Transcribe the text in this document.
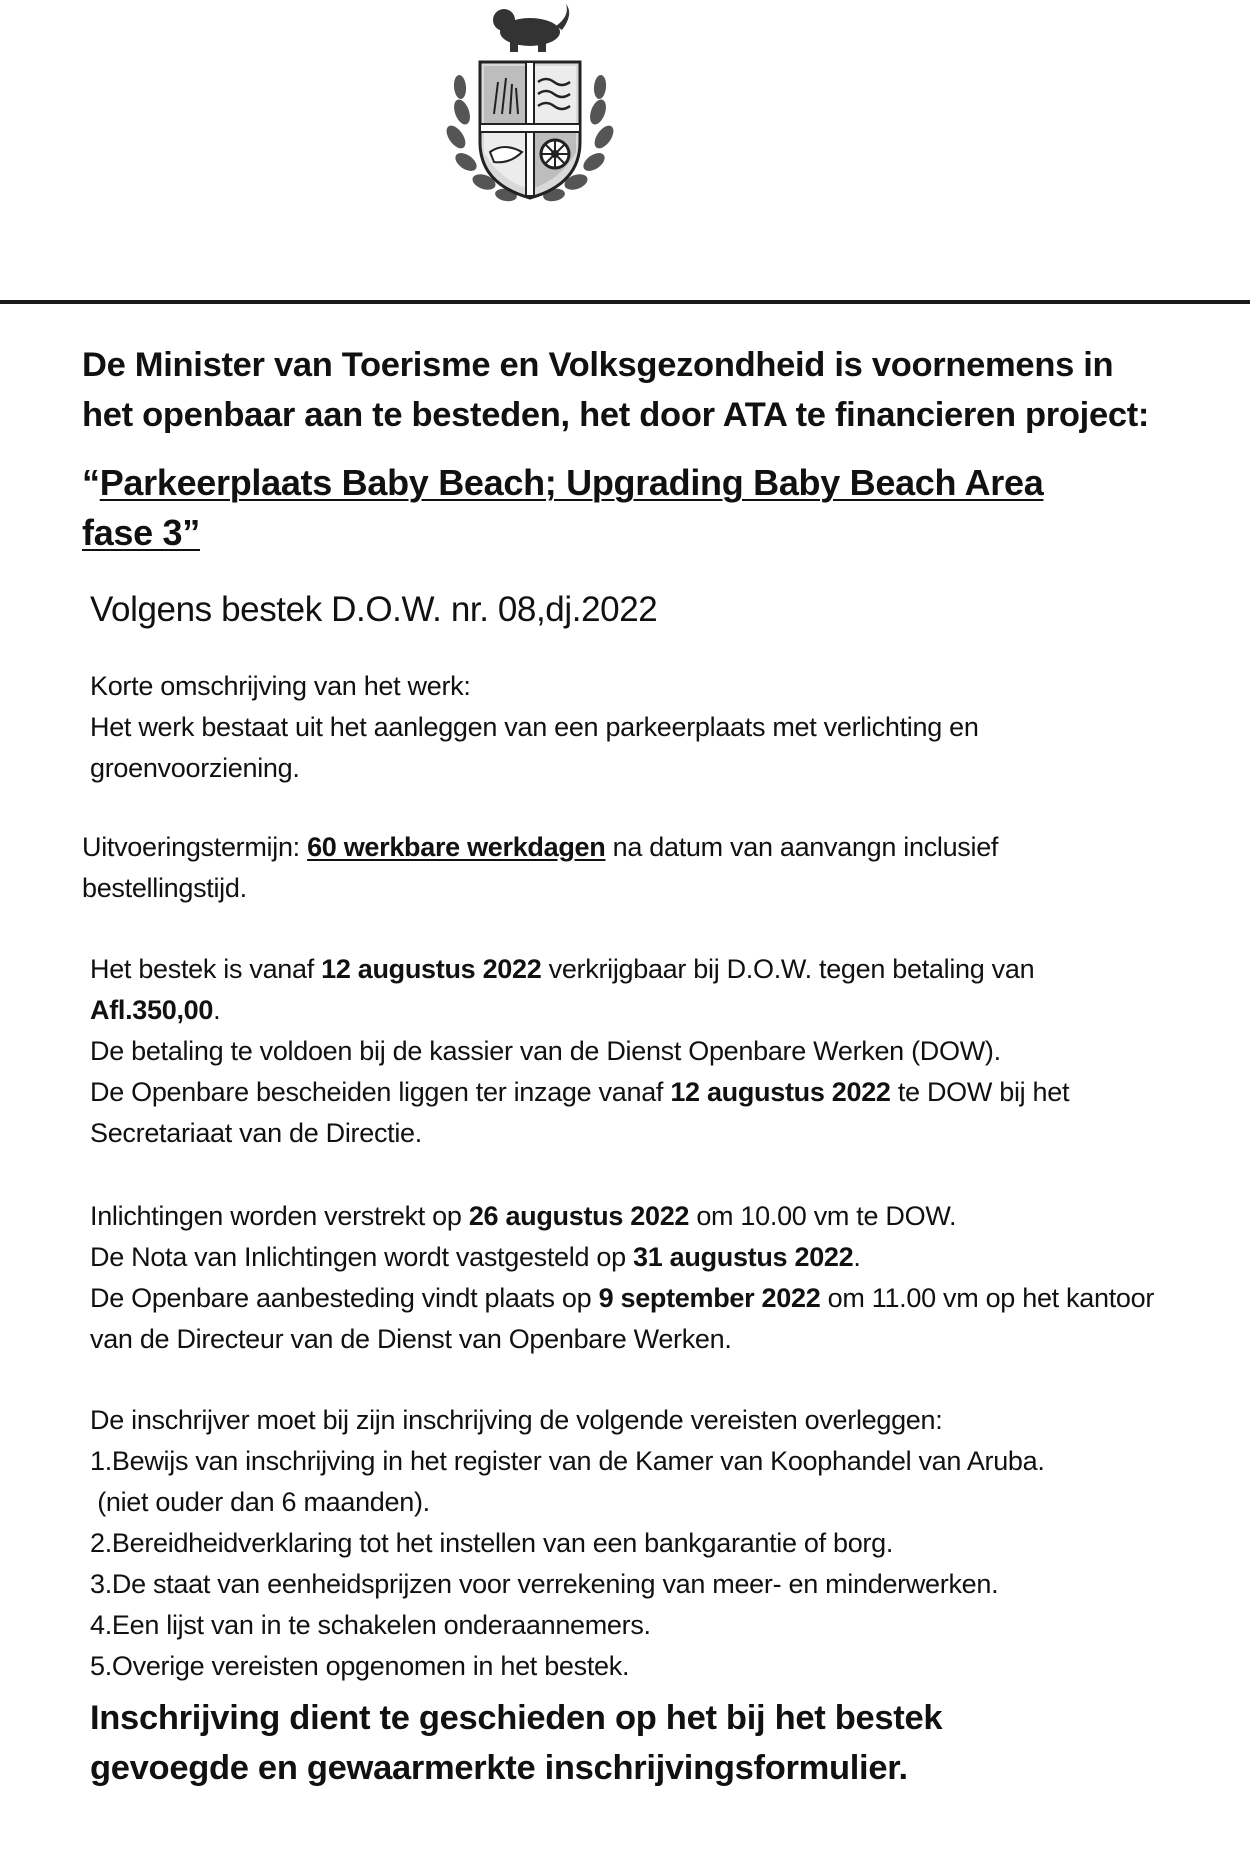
De Minister van Toerisme en Volksgezondheid is voornemens in
het openbaar aan te besteden, het door ATA te financieren project:
“Parkeerplaats Baby Beach; Upgrading Baby Beach Area
fase 3”
Volgens bestek D.O.W. nr. 08,dj.2022

Korte omschrijving van het werk:

Het werk bestaat uit het aanleggen van een parkeerplaats met verlichting en

groenvoorziening.

Uitvoeringstermijn: 60 werkbare werkdagen na datum van aanvangn inclusief

bestellingstijd.

Het bestek is vanaf 12 augustus 2022 verkrijgbaar bij D.O.W. tegen betaling van

Afl.350,00.

De betaling te voldoen bij de kassier van de Dienst Openbare Werken (DOW).

De Openbare bescheiden liggen ter inzage vanaf 12 augustus 2022 te DOW bij het

Secretariaat van de Directie.

Inlichtingen worden verstrekt op 26 augustus 2022 om 10.00 vm te DOW.

De Nota van Inlichtingen wordt vastgesteld op 31 augustus 2022.

De Openbare aanbesteding vindt plaats op 9 september 2022 om 11.00 vm op het kantoor

van de Directeur van de Dienst van Openbare Werken.

De inschrijver moet bij zijn inschrijving de volgende vereisten overleggen:

1.Bewijs van inschrijving in het register van de Kamer van Koophandel van Aruba.

(niet ouder dan 6 maanden).

2.Bereidheidverklaring tot het instellen van een bankgarantie of borg.

3.De staat van eenheidsprijzen voor verrekening van meer- en minderwerken.

4.Een lijst van in te schakelen onderaannemers.

5.Overige vereisten opgenomen in het bestek.

Inschrijving dient te geschieden op het bij het bestek
gevoegde en gewaarmerkte inschrijvingsformulier.
